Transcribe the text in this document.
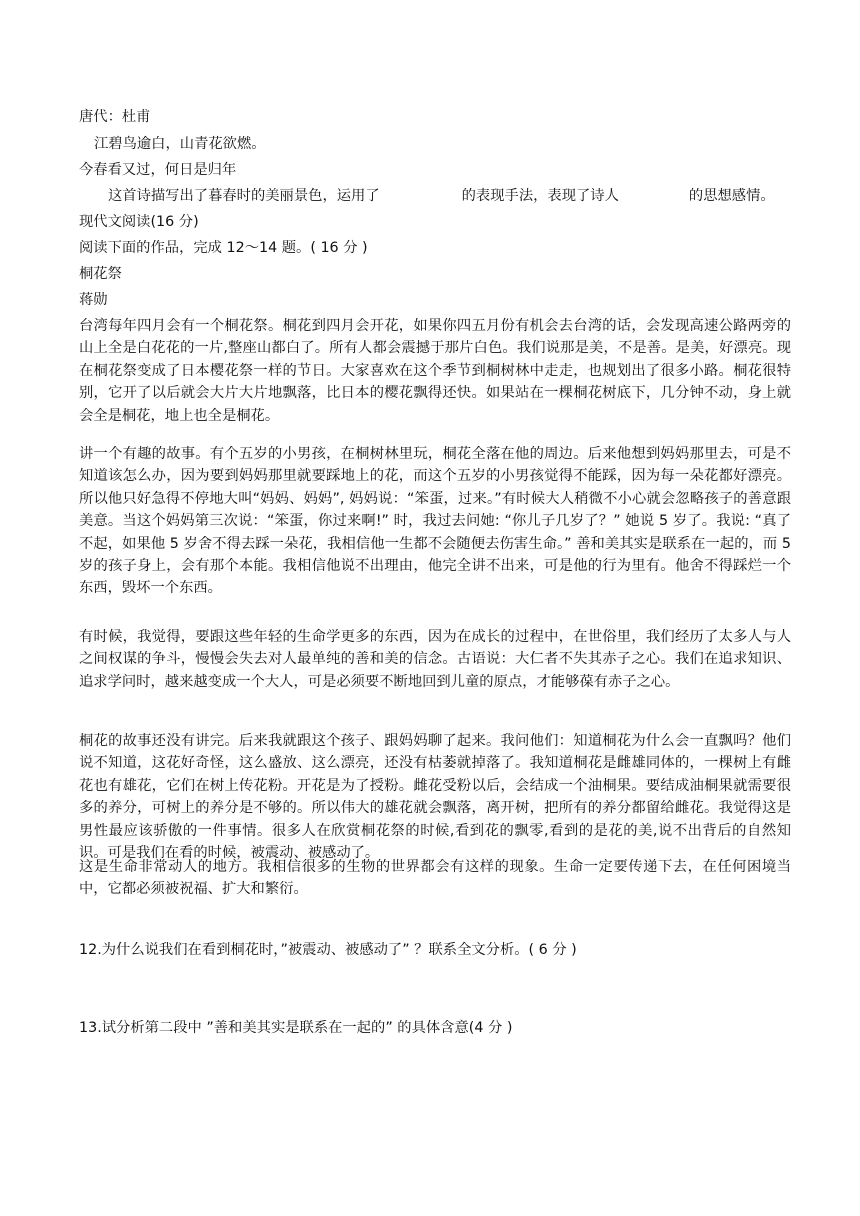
唐代：杜甫
江碧鸟逾白，山青花欲燃。
今春看又过，何日是归年
这首诗描写出了暮春时的美丽景色，运用了	的表现手法，表现了诗人	的思想感情。
现代文阅读(16 分)
阅读下面的作品，完成 12～14 题。( 16 分 )
桐花祭
蒋勋
台湾每年四月会有一个桐花祭。桐花到四月会开花，如果你四五月份有机会去台湾的话，会发现高速公路两旁的山上全是白花花的一片,整座山都白了。所有人都会震撼于那片白色。我们说那是美，不是善。是美，好漂亮。现在桐花祭变成了日本樱花祭一样的节日。大家喜欢在这个季节到桐树林中走走，也规划出了很多小路。桐花很特别，它开了以后就会大片大片地飘落，比日本的樱花飘得还快。如果站在一棵桐花树底下，几分钟不动，身上就会全是桐花，地上也全是桐花。
讲一个有趣的故事。有个五岁的小男孩，在桐树林里玩，桐花全落在他的周边。后来他想到妈妈那里去，可是不知道该怎么办，因为要到妈妈那里就要踩地上的花，而这个五岁的小男孩觉得不能踩，因为每一朵花都好漂亮。所以他只好急得不停地大叫“妈妈、妈妈”, 妈妈说：“笨蛋，过来。”有时候大人稍微不小心就会忽略孩子的善意跟美意。当这个妈妈第三次说：“笨蛋，你过来啊!” 时，我过去问她: “你儿子几岁了？” 她说 5 岁了。我说: “真了不起，如果他 5 岁舍不得去踩一朵花，我相信他一生都不会随便去伤害生命。” 善和美其实是联系在一起的，而 5 岁的孩子身上，会有那个本能。我相信他说不出理由，他完全讲不出来，可是他的行为里有。他舍不得踩烂一个东西，毁坏一个东西。
有时候，我觉得，要跟这些年轻的生命学更多的东西，因为在成长的过程中，在世俗里，我们经历了太多人与人之间权谋的争斗，慢慢会失去对人最单纯的善和美的信念。古语说：大仁者不失其赤子之心。我们在追求知识、追求学问时，越来越变成一个大人，可是必须要不断地回到儿童的原点，才能够葆有赤子之心。
桐花的故事还没有讲完。后来我就跟这个孩子、跟妈妈聊了起来。我问他们：知道桐花为什么会一直飘吗？他们说不知道，这花好奇怪，这么盛放、这么漂亮，还没有枯萎就掉落了。我知道桐花是雌雄同体的，一棵树上有雌花也有雄花，它们在树上传花粉。开花是为了授粉。雌花受粉以后，会结成一个油桐果。要结成油桐果就需要很多的养分，可树上的养分是不够的。所以伟大的雄花就会飘落，离开树，把所有的养分都留给雌花。我觉得这是男性最应该骄傲的一件事情。很多人在欣赏桐花祭的时候,看到花的飘零,看到的是花的美,说不出背后的自然知识。可是我们在看的时候，被震动、被感动了。
这是生命非常动人的地方。我相信很多的生物的世界都会有这样的现象。生命一定要传递下去，在任何困境当中，它都必须被祝福、扩大和繁衍。
12.为什么说我们在看到桐花时，”被震动、被感动了” ？联系全文分析。( 6 分 )
13.试分析第二段中 ”善和美其实是联系在一起的” 的具体含意(4 分 )
